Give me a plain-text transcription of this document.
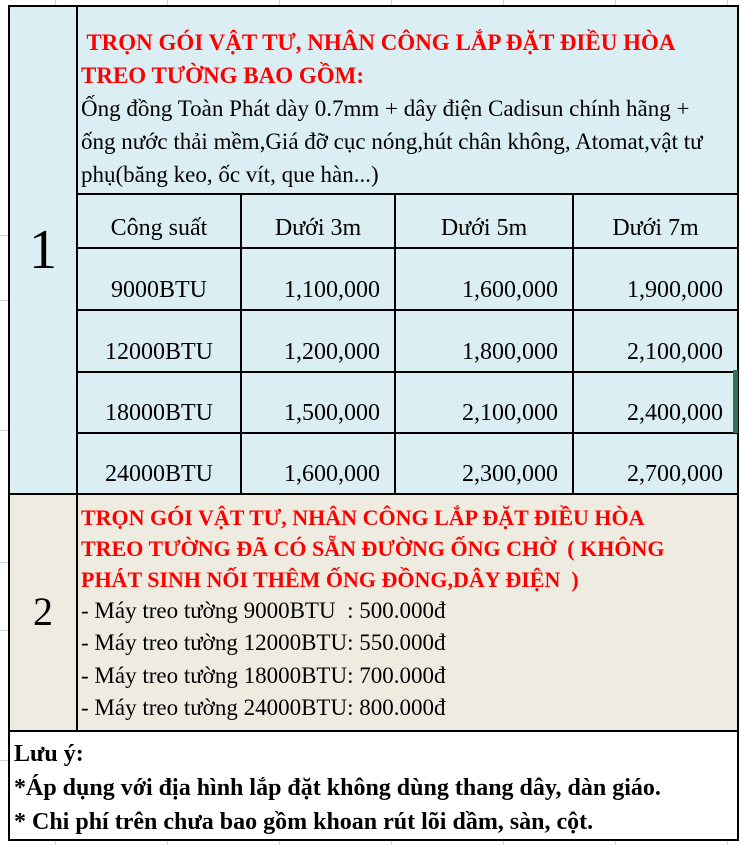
1
TRỌN GÓI VẬT TƯ, NHÂN CÔNG LẮP ĐẶT ĐIỀU HÒA
TREO TƯỜNG BAO GỒM:
Ống đồng Toàn Phát dày 0.7mm + dây điện Cadisun chính hãng +
ống nước thải mềm,Giá đỡ cục nóng,hút chân không, Atomat,vật tư
phụ(băng keo, ốc vít, que hàn...)
Công suất	Dưới 3m	Dưới 5m	Dưới 7m
9000BTU	1,100,000	1,600,000	1,900,000
12000BTU	1,200,000	1,800,000	2,100,000
18000BTU	1,500,000	2,100,000	2,400,000
24000BTU	1,600,000	2,300,000	2,700,000
2
TRỌN GÓI VẬT TƯ, NHÂN CÔNG LẮP ĐẶT ĐIỀU HÒA
TREO TƯỜNG ĐÃ CÓ SẴN ĐƯỜNG ỐNG CHỜ  ( KHÔNG
PHÁT SINH NỐI THÊM ỐNG ĐỒNG,DÂY ĐIỆN  )
- Máy treo tường 9000BTU  : 500.000đ
- Máy treo tường 12000BTU: 550.000đ
- Máy treo tường 18000BTU: 700.000đ
- Máy treo tường 24000BTU: 800.000đ
Lưu ý:
*Áp dụng với địa hình lắp đặt không dùng thang dây, dàn giáo.
* Chi phí trên chưa bao gồm khoan rút lõi dầm, sàn, cột.
